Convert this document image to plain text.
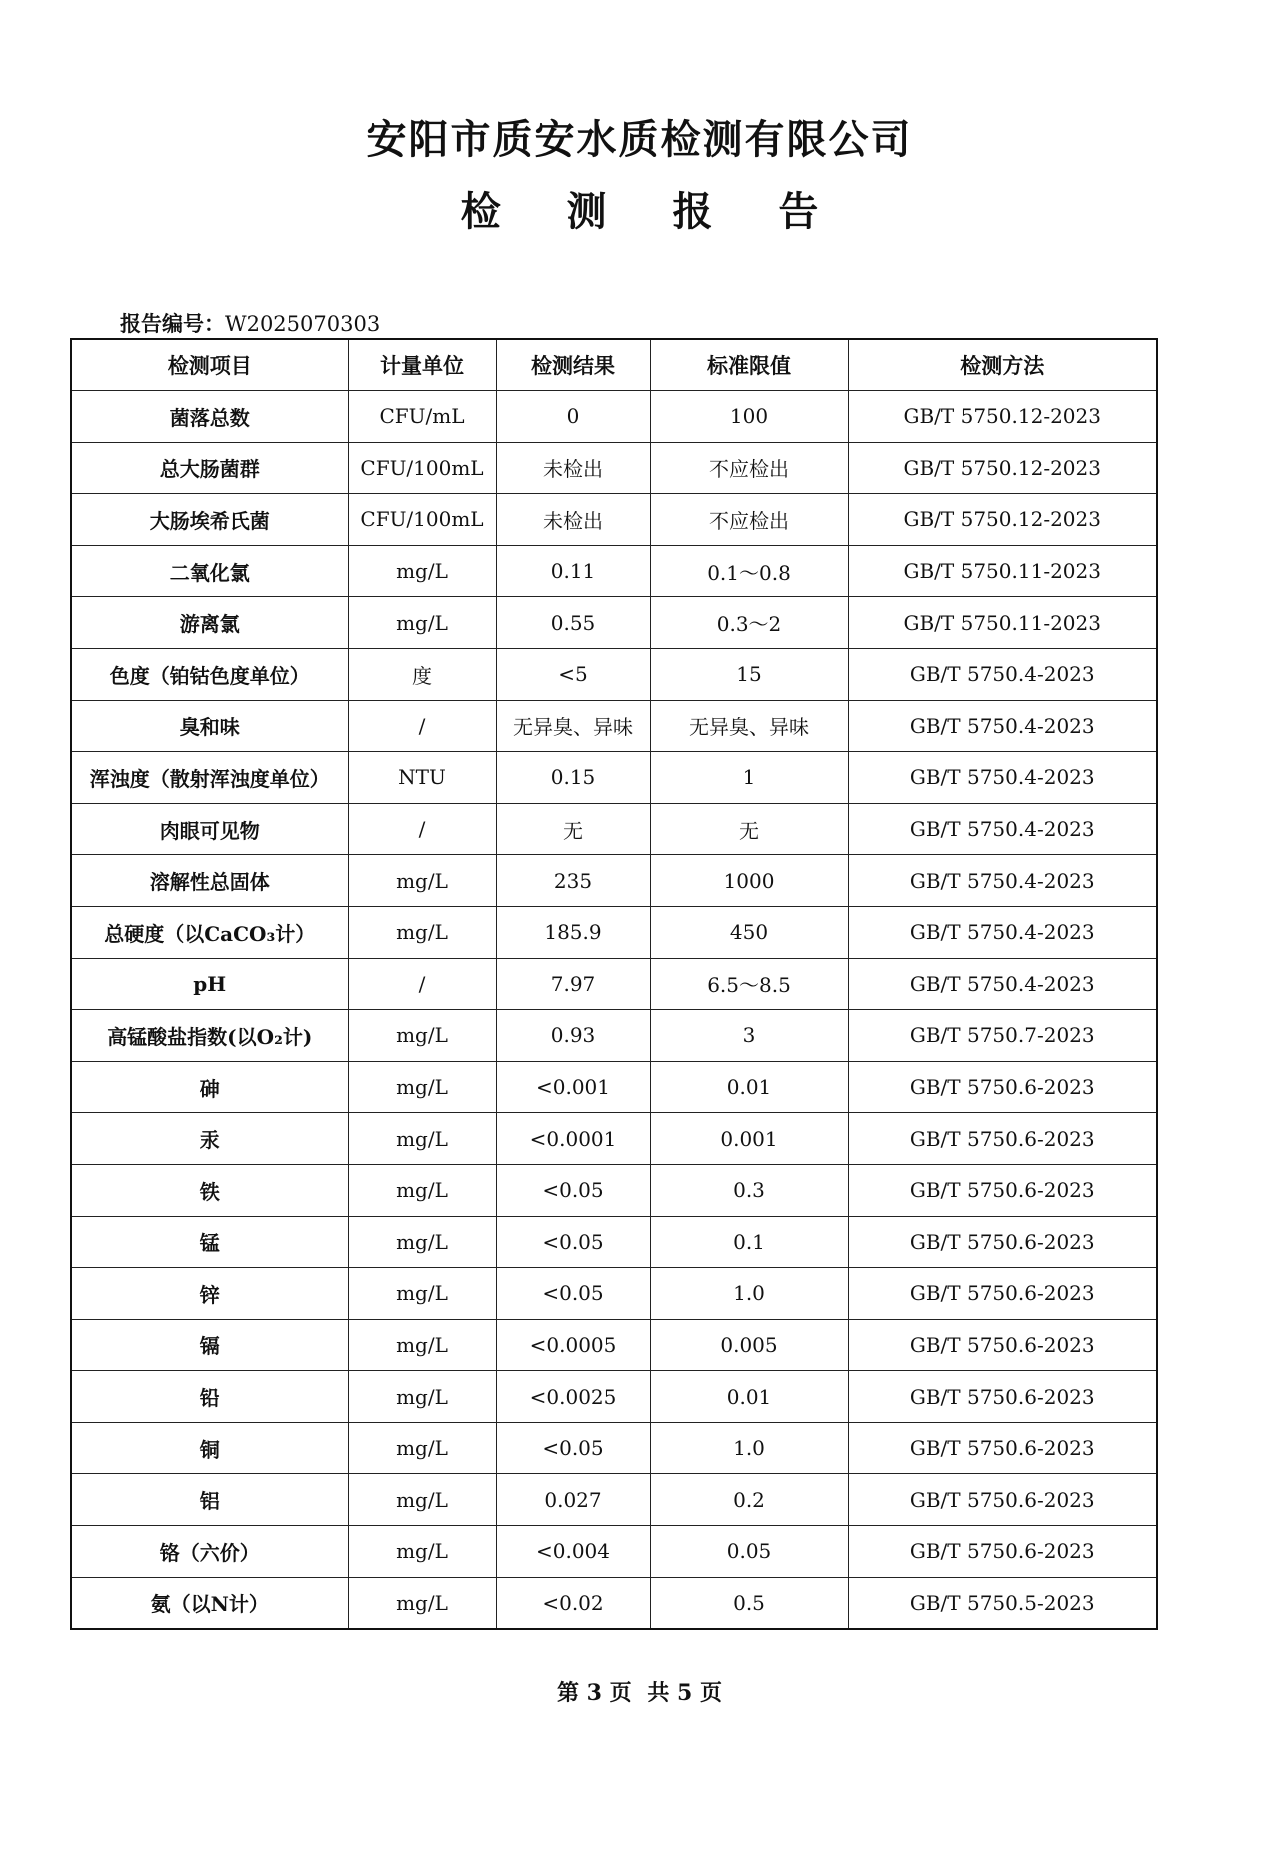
安阳市质安水质检测有限公司
检 测 报 告
报告编号：W2025070303
检测项目	计量单位	检测结果	标准限值	检测方法
菌落总数	CFU/mL	0	100	GB/T 5750.12-2023
总大肠菌群	CFU/100mL	未检出	不应检出	GB/T 5750.12-2023
大肠埃希氏菌	CFU/100mL	未检出	不应检出	GB/T 5750.12-2023
二氧化氯	mg/L	0.11	0.1～0.8	GB/T 5750.11-2023
游离氯	mg/L	0.55	0.3～2	GB/T 5750.11-2023
色度（铂钴色度单位）	度	<5	15	GB/T 5750.4-2023
臭和味	/	无异臭、异味	无异臭、异味	GB/T 5750.4-2023
浑浊度（散射浑浊度单位）	NTU	0.15	1	GB/T 5750.4-2023
肉眼可见物	/	无	无	GB/T 5750.4-2023
溶解性总固体	mg/L	235	1000	GB/T 5750.4-2023
总硬度（以CaCO₃计）	mg/L	185.9	450	GB/T 5750.4-2023
pH	/	7.97	6.5～8.5	GB/T 5750.4-2023
高锰酸盐指数(以O₂计)	mg/L	0.93	3	GB/T 5750.7-2023
砷	mg/L	<0.001	0.01	GB/T 5750.6-2023
汞	mg/L	<0.0001	0.001	GB/T 5750.6-2023
铁	mg/L	<0.05	0.3	GB/T 5750.6-2023
锰	mg/L	<0.05	0.1	GB/T 5750.6-2023
锌	mg/L	<0.05	1.0	GB/T 5750.6-2023
镉	mg/L	<0.0005	0.005	GB/T 5750.6-2023
铅	mg/L	<0.0025	0.01	GB/T 5750.6-2023
铜	mg/L	<0.05	1.0	GB/T 5750.6-2023
铝	mg/L	0.027	0.2	GB/T 5750.6-2023
铬（六价）	mg/L	<0.004	0.05	GB/T 5750.6-2023
氨（以N计）	mg/L	<0.02	0.5	GB/T 5750.5-2023
第 3 页 共 5 页
